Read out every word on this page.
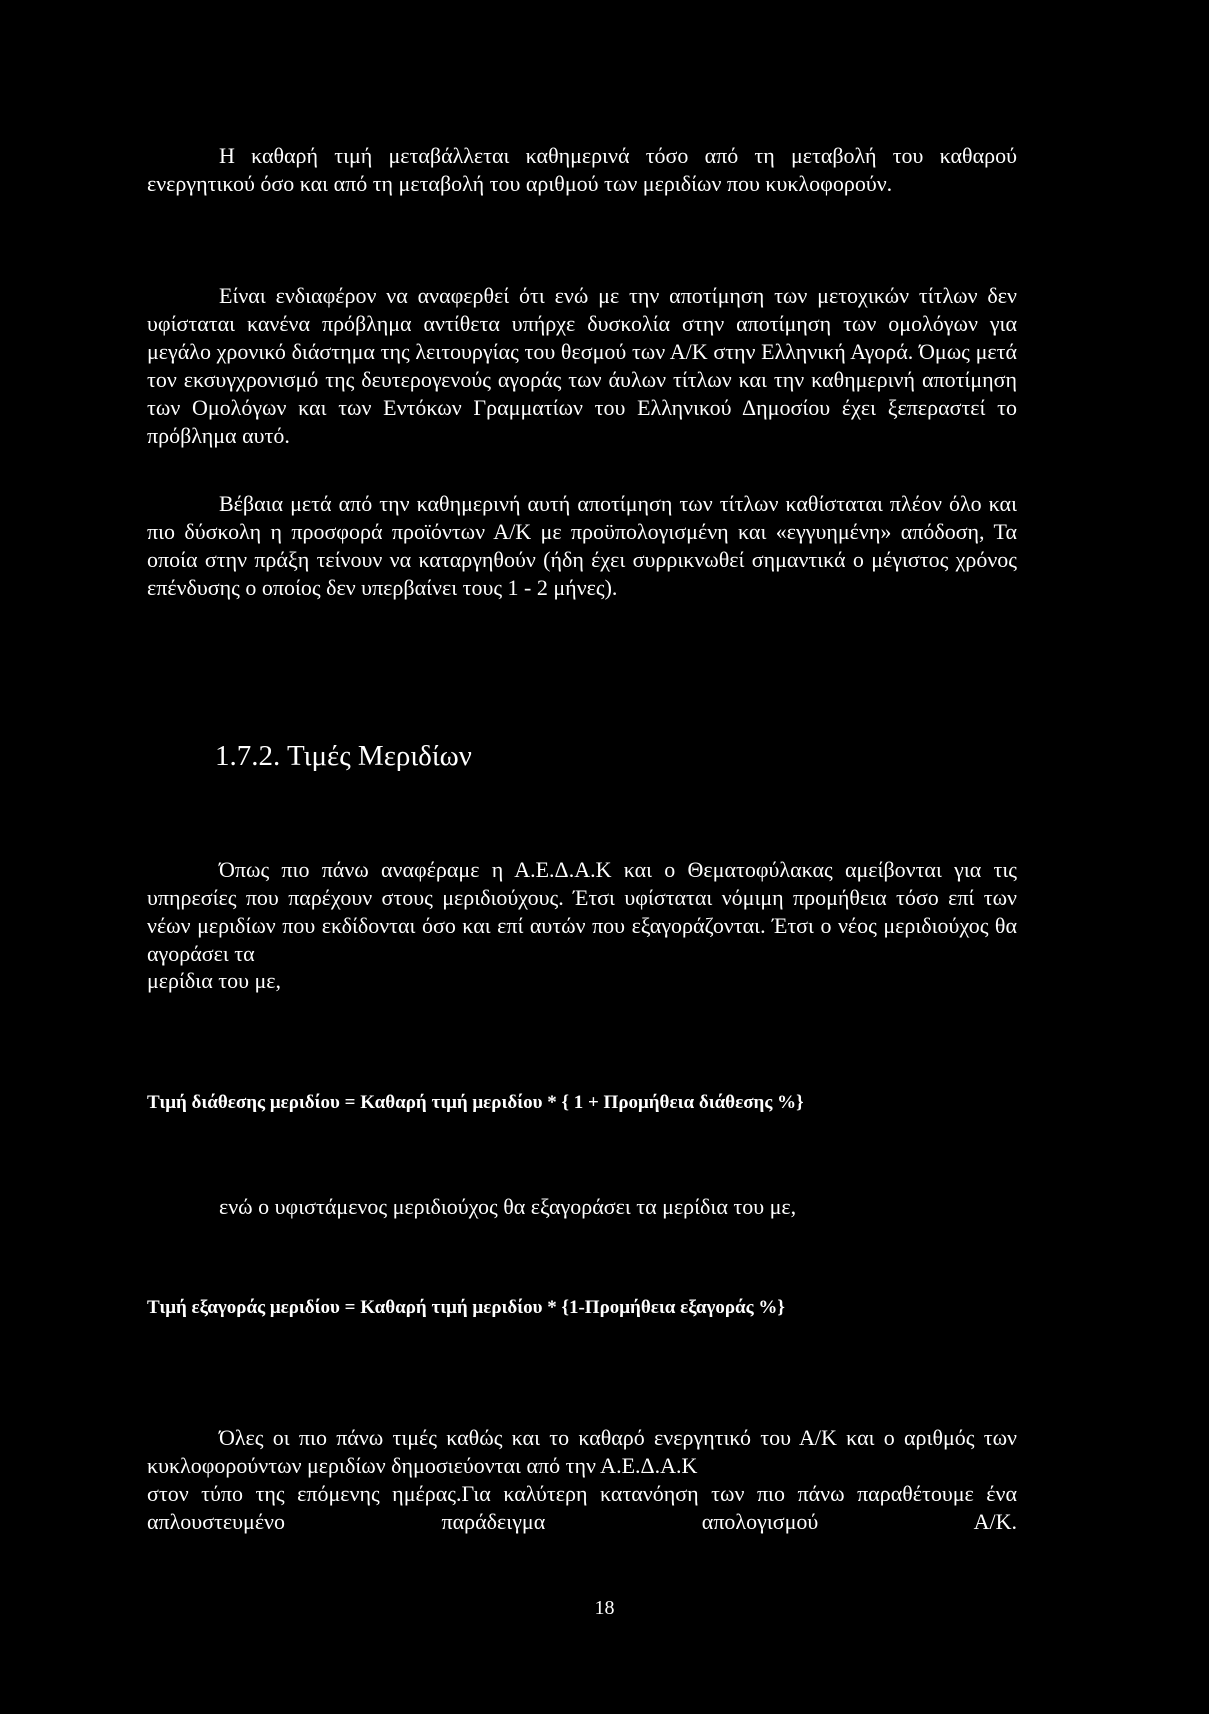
Η καθαρή τιμή μεταβάλλεται καθημερινά τόσο από τη μεταβολή του καθαρού ενεργητικού όσο και από τη μεταβολή του αριθμού των μεριδίων που κυκλοφορούν.

Είναι ενδιαφέρον να αναφερθεί ότι ενώ με την αποτίμηση των μετοχικών τίτλων δεν υφίσταται κανένα πρόβλημα αντίθετα υπήρχε δυσκολία στην αποτίμηση των ομολόγων για μεγάλο χρονικό διάστημα της λειτουργίας του θεσμού των Α/Κ στην Ελληνική Αγορά. Όμως μετά τον εκσυγχρονισμό της δευτερογενούς αγοράς των άυλων τίτλων και την καθημερινή αποτίμηση των Ομολόγων και των Εντόκων Γραμματίων του Ελληνικού Δημοσίου έχει ξεπεραστεί το πρόβλημα αυτό.

Βέβαια μετά από την καθημερινή αυτή αποτίμηση των τίτλων καθίσταται πλέον όλο και πιο δύσκολη η προσφορά προϊόντων Α/Κ με προϋπολογισμένη και «εγγυημένη» απόδοση, Τα οποία στην πράξη τείνουν να καταργηθούν (ήδη έχει συρρικνωθεί σημαντικά ο μέγιστος χρόνος επένδυσης ο οποίος δεν υπερβαίνει τους 1 - 2 μήνες).

1.7.2. Τιμές Μεριδίων

Όπως πιο πάνω αναφέραμε η Α.Ε.Δ.Α.Κ και ο Θεματοφύλακας αμείβονται για τις υπηρεσίες που παρέχουν στους μεριδιούχους. Έτσι υφίσταται νόμιμη προμήθεια τόσο επί των νέων μεριδίων που εκδίδονται όσο και επί αυτών που εξαγοράζονται. Έτσι ο νέος μεριδιούχος θα αγοράσει τα

μερίδια του με,

Τιμή διάθεσης μεριδίου = Καθαρή τιμή μεριδίου * { 1 + Προμήθεια διάθεσης %}

ενώ ο υφιστάμενος μεριδιούχος θα εξαγοράσει τα μερίδια του με,

Τιμή εξαγοράς μεριδίου = Καθαρή τιμή μεριδίου * {1-Προμήθεια εξαγοράς %}

Όλες οι πιο πάνω τιμές καθώς και το καθαρό ενεργητικό του Α/Κ και ο αριθμός των κυκλοφορούντων μεριδίων δημοσιεύονται από την Α.Ε.Δ.Α.Κ

στον τύπο της επόμενης ημέρας.Για καλύτερη κατανόηση των πιο πάνω παραθέτουμε ένα απλουστευμένο παράδειγμα απολογισμού Α/Κ.

18
